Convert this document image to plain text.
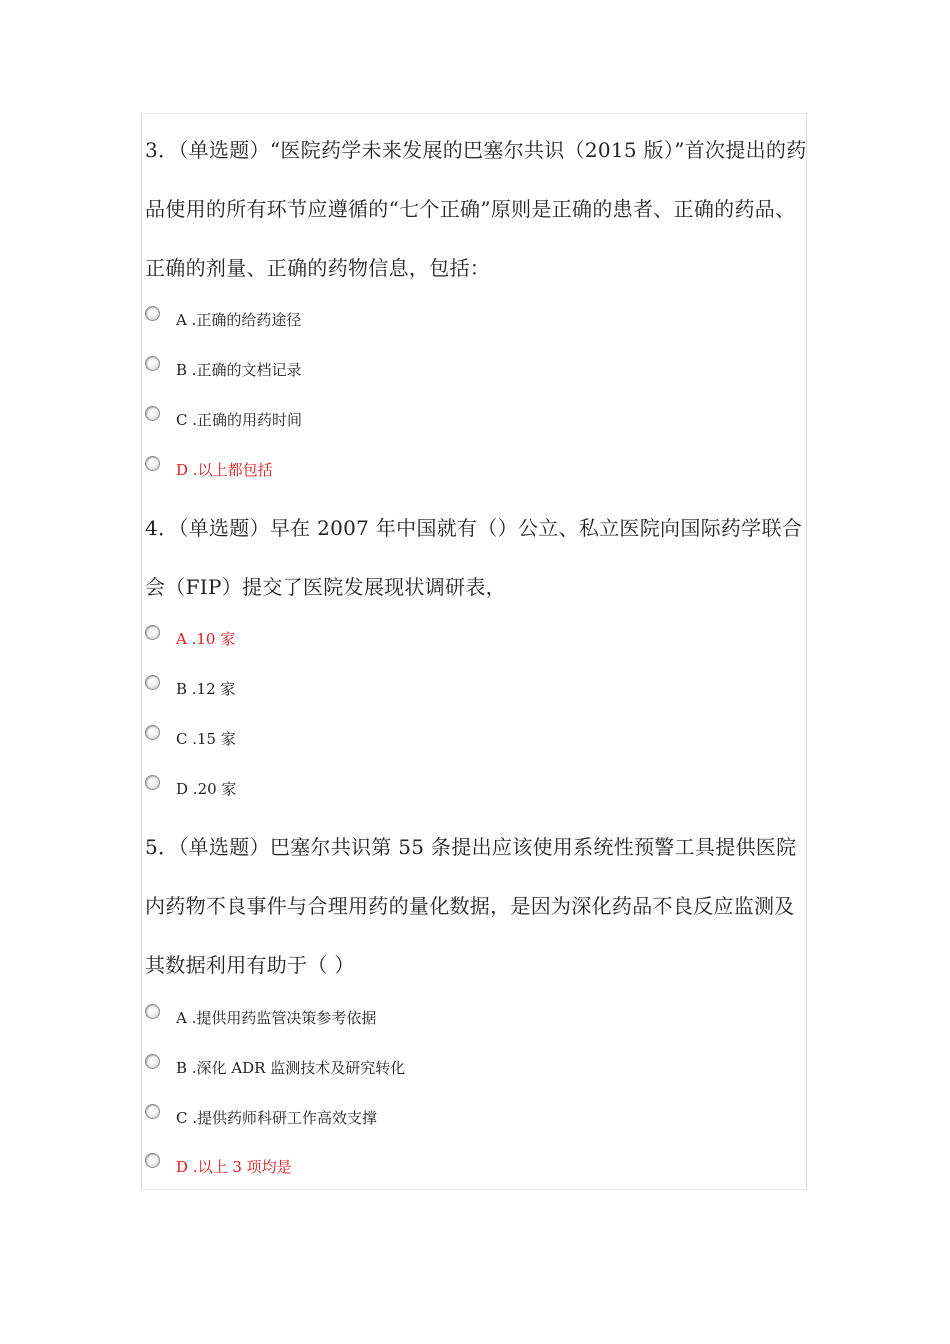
3．（单选题）“医院药学未来发展的巴塞尔共识（2015 版）”首次提出的药品使用的所有环节应遵循的“七个正确”原则是正确的患者、正确的药品、正确的剂量、正确的药物信息，包括：
A .正确的给药途径
B .正确的文档记录
C .正确的用药时间
D .以上都包括
4．（单选题）早在 2007 年中国就有（）公立、私立医院向国际药学联合会（FIP）提交了医院发展现状调研表，
A .10 家
B .12 家
C .15 家
D .20 家
5．（单选题）巴塞尔共识第 55 条提出应该使用系统性预警工具提供医院内药物不良事件与合理用药的量化数据，是因为深化药品不良反应监测及其数据利用有助于（ ）
A .提供用药监管决策参考依据
B .深化 ADR 监测技术及研究转化
C .提供药师科研工作高效支撑
D .以上 3 项均是
